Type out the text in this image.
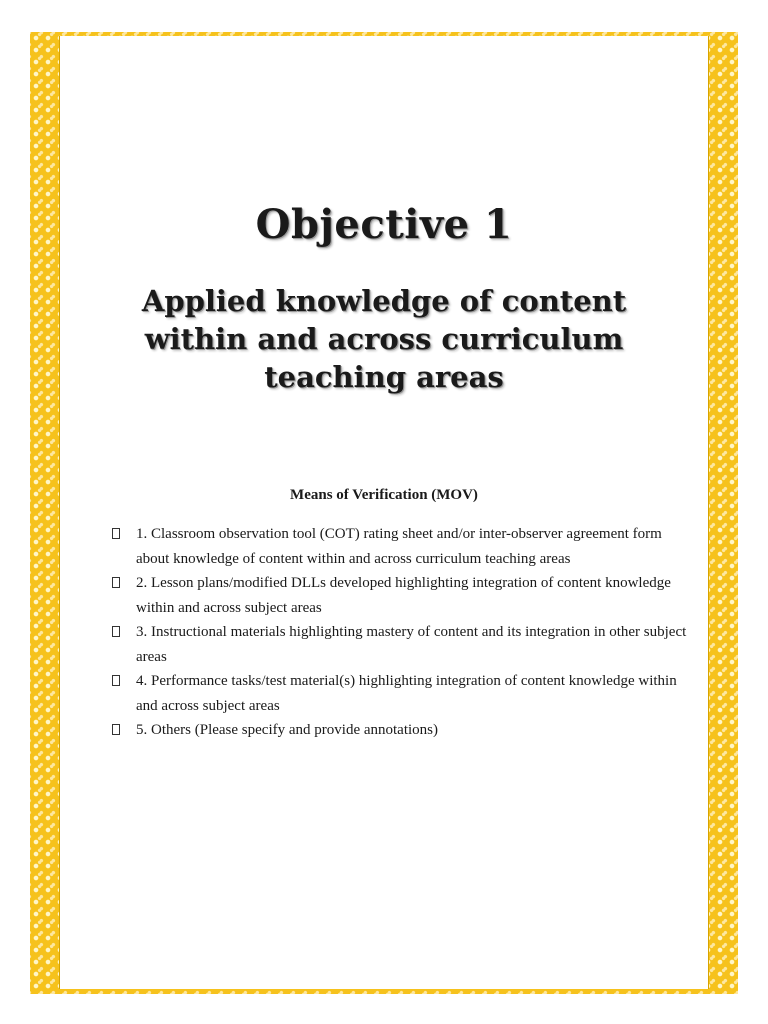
Objective 1
Applied knowledge of content within and across curriculum teaching areas
Means of Verification (MOV)
1. Classroom observation tool (COT) rating sheet and/or inter-observer agreement form about knowledge of content within and across curriculum teaching areas
2. Lesson plans/modified DLLs developed highlighting integration of content knowledge within and across subject areas
3. Instructional materials highlighting mastery of content and its integration in other subject areas
4. Performance tasks/test material(s) highlighting integration of content knowledge within and across subject areas
5. Others (Please specify and provide annotations)
